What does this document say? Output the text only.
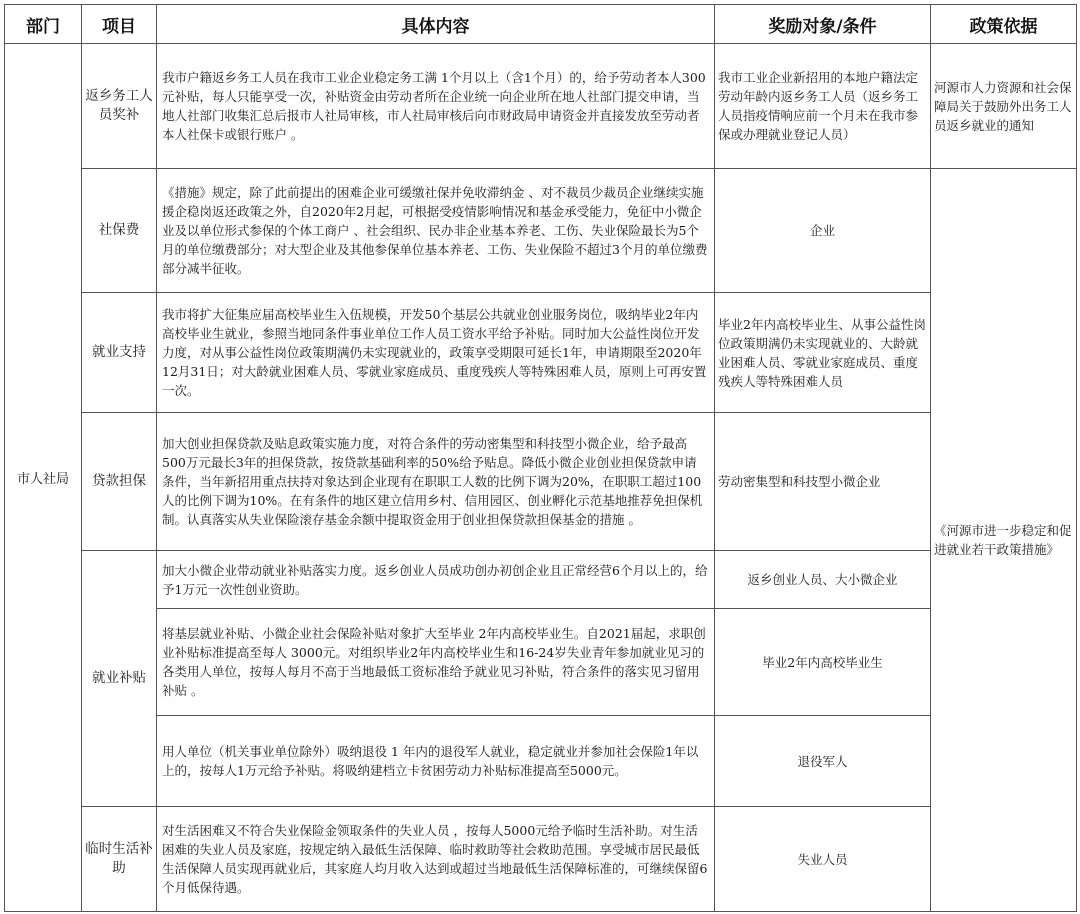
部门	项目	具体内容	奖励对象/条件	政策依据
市人社局	返乡务工人员奖补	我市户籍返乡务工人员在我市工业企业稳定务工满 1个月以上（含1个月）的，给予劳动者本人300元补贴，每人只能享受一次，补贴资金由劳动者所在企业统一向企业所在地人社部门提交申请，当地人社部门收集汇总后报市人社局审核，市人社局审核后向市财政局申请资金并直接发放至劳动者本人社保卡或银行账户 。	我市工业企业新招用的本地户籍法定劳动年龄内返乡务工人员（返乡务工人员指疫情响应前一个月未在我市参保或办理就业登记人员）	河源市人力资源和社会保障局关于鼓励外出务工人员返乡就业的通知
	社保费	《措施》规定，除了此前提出的困难企业可缓缴社保并免收滞纳金 、对不裁员少裁员企业继续实施援企稳岗返还政策之外，自2020年2月起，可根据受疫情影响情况和基金承受能力，免征中小微企业及以单位形式参保的个体工商户 、社会组织、民办非企业基本养老、工伤、失业保险最长为5个月的单位缴费部分；对大型企业及其他参保单位基本养老、工伤、失业保险不超过3个月的单位缴费部分减半征收。	企业	《河源市进一步稳定和促进就业若干政策措施》
	就业支持	我市将扩大征集应届高校毕业生入伍规模，开发50个基层公共就业创业服务岗位，吸纳毕业2年内高校毕业生就业，参照当地同条件事业单位工作人员工资水平给予补贴。同时加大公益性岗位开发力度，对从事公益性岗位政策期满仍未实现就业的，政策享受期限可延长1年，申请期限至2020年12月31日；对大龄就业困难人员、零就业家庭成员、重度残疾人等特殊困难人员，原则上可再安置一次。	毕业2年内高校毕业生、从事公益性岗位政策期满仍未实现就业的、大龄就业困难人员、零就业家庭成员、重度残疾人等特殊困难人员	
	贷款担保	加大创业担保贷款及贴息政策实施力度，对符合条件的劳动密集型和科技型小微企业，给予最高500万元最长3年的担保贷款，按贷款基础利率的50%给予贴息。降低小微企业创业担保贷款申请条件，当年新招用重点扶持对象达到企业现有在职职工人数的比例下调为20%，在职职工超过100人的比例下调为10%。在有条件的地区建立信用乡村、信用园区、创业孵化示范基地推荐免担保机制。认真落实从失业保险滚存基金余额中提取资金用于创业担保贷款担保基金的措施 。	劳动密集型和科技型小微企业	
	就业补贴	加大小微企业带动就业补贴落实力度。返乡创业人员成功创办初创企业且正常经营6个月以上的，给予1万元一次性创业资助。	返乡创业人员、大小微企业	
		将基层就业补贴、小微企业社会保险补贴对象扩大至毕业 2年内高校毕业生。自2021届起，求职创业补贴标准提高至每人 3000元。对组织毕业2年内高校毕业生和16-24岁失业青年参加就业见习的各类用人单位，按每人每月不高于当地最低工资标准给予就业见习补贴，符合条件的落实见习留用补贴 。	毕业2年内高校毕业生	
		用人单位（机关事业单位除外）吸纳退役 1 年内的退役军人就业，稳定就业并参加社会保险1年以上的，按每人1万元给予补贴。将吸纳建档立卡贫困劳动力补贴标准提高至5000元。	退役军人	
	临时生活补助	对生活困难又不符合失业保险金领取条件的失业人员 ，按每人5000元给予临时生活补助。对生活困难的失业人员及家庭，按规定纳入最低生活保障、临时救助等社会救助范围。享受城市居民最低生活保障人员实现再就业后，其家庭人均月收入达到或超过当地最低生活保障标准的，可继续保留6个月低保待遇。	失业人员	
